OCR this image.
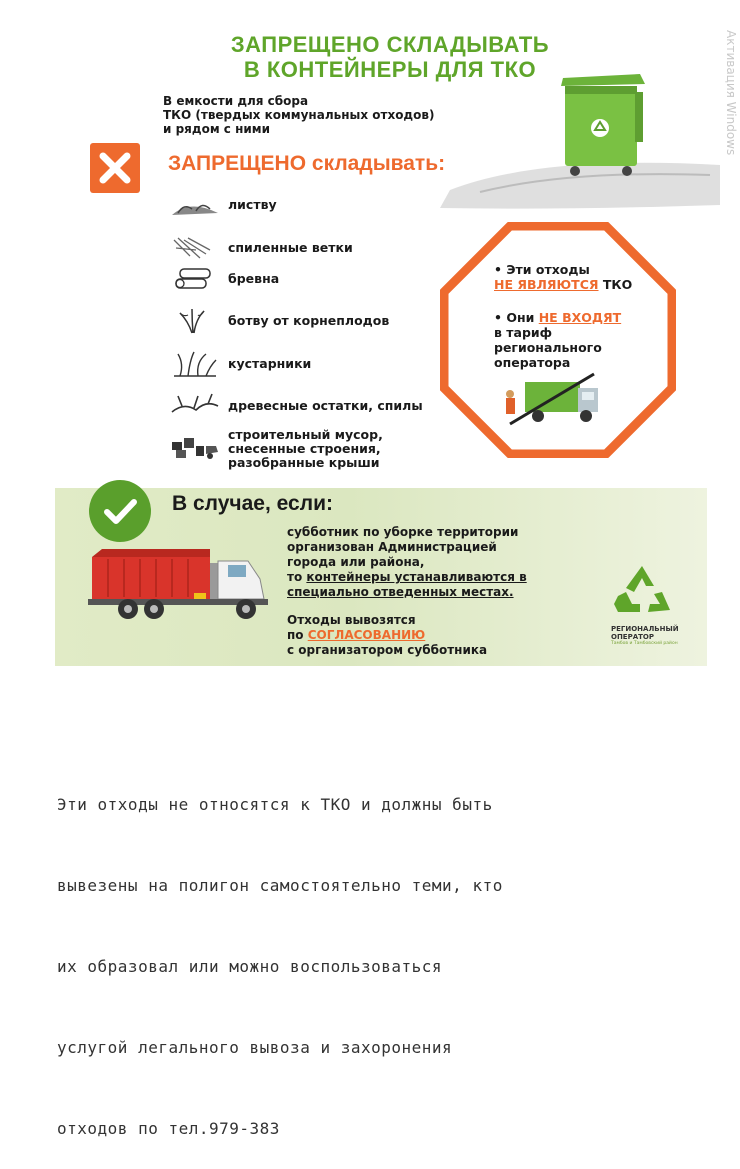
ЗАПРЕЩЕНО СКЛАДЫВАТЬ
В КОНТЕЙНЕРЫ ДЛЯ ТКО
В емкости для сбора
ТКО (твердых коммунальных отходов)
и рядом с ними
ЗАПРЕЩЕНО складывать:
листву
спиленные ветки
бревна
ботву от корнеплодов
кустарники
древесные остатки, спилы
строительный мусор,
снесенные строения,
разобранные крыши
• Эти отходы
НЕ ЯВЛЯЮТСЯ ТКО
• Они НЕ ВХОДЯТ
в тариф
регионального
оператора
В случае, если:
субботник по уборке территории
организован Администрацией
города или района,
то контейнеры устанавливаются в
специально отведенных местах.
Отходы вывозятся
по СОГЛАСОВАНИЮ
с организатором субботника
РЕГИОНАЛЬНЫЙ
ОПЕРАТОР
Тамбов и Тамбовский район
Активация Windows

Эти отходы не относятся к ТКО и должны быть

вывезены на полигон самостоятельно теми, кто

их образовал или можно воспользоваться

услугой легального вывоза и захоронения

отходов по тел.979-383
